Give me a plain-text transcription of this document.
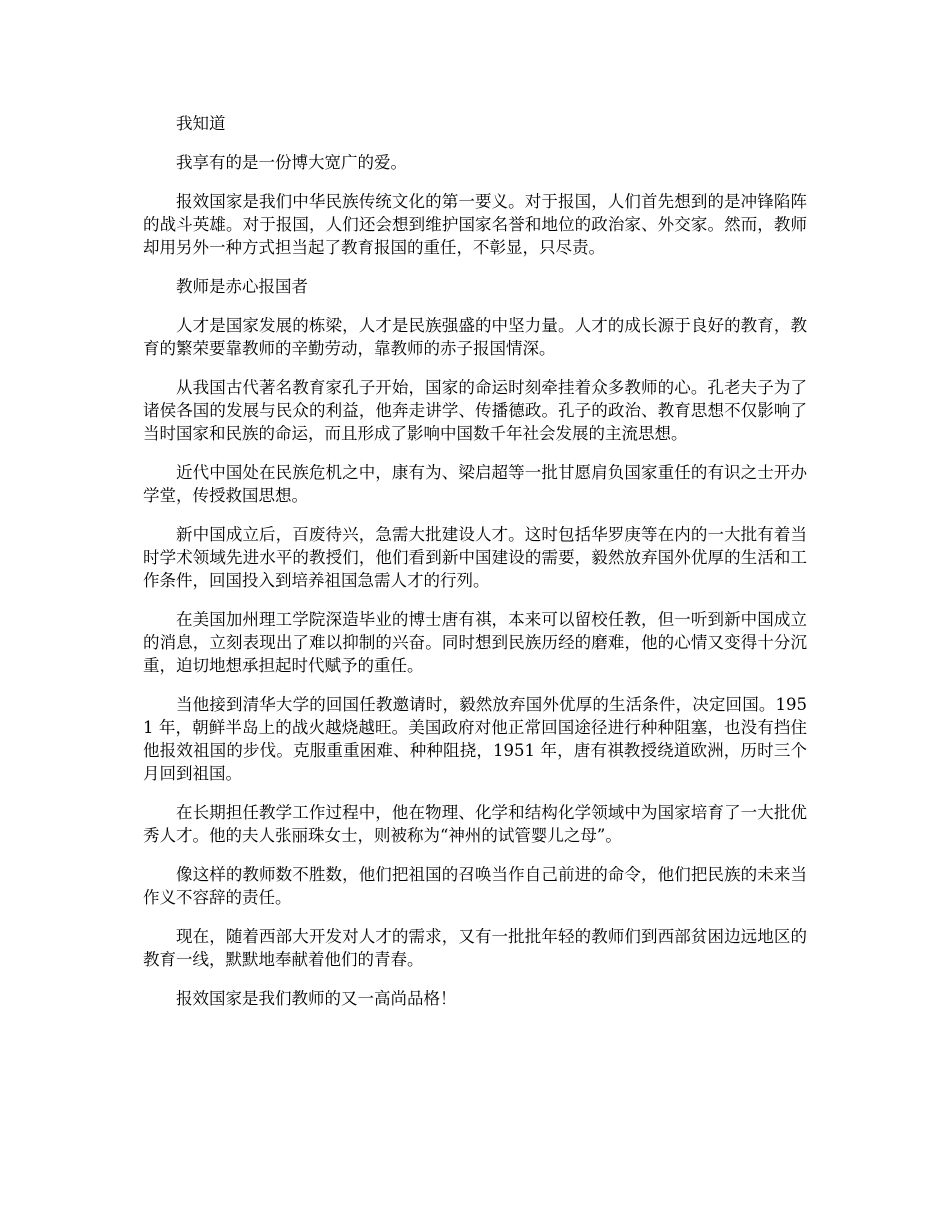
我知道

我享有的是一份博大宽广的爱。

报效国家是我们中华民族传统文化的第一要义。对于报国，人们首先想到的是冲锋陷阵的战斗英雄。对于报国，人们还会想到维护国家名誉和地位的政治家、外交家。然而，教师却用另外一种方式担当起了教育报国的重任，不彰显，只尽责。

教师是赤心报国者

人才是国家发展的栋梁，人才是民族强盛的中坚力量。人才的成长源于良好的教育，教育的繁荣要靠教师的辛勤劳动，靠教师的赤子报国情深。

从我国古代著名教育家孔子开始，国家的命运时刻牵挂着众多教师的心。孔老夫子为了诸侯各国的发展与民众的利益，他奔走讲学、传播德政。孔子的政治、教育思想不仅影响了当时国家和民族的命运，而且形成了影响中国数千年社会发展的主流思想。

近代中国处在民族危机之中，康有为、梁启超等一批甘愿肩负国家重任的有识之士开办学堂，传授救国思想。

新中国成立后，百废待兴，急需大批建设人才。这时包括华罗庚等在内的一大批有着当时学术领域先进水平的教授们，他们看到新中国建设的需要，毅然放弃国外优厚的生活和工作条件，回国投入到培养祖国急需人才的行列。

在美国加州理工学院深造毕业的博士唐有祺，本来可以留校任教，但一听到新中国成立的消息，立刻表现出了难以抑制的兴奋。同时想到民族历经的磨难，他的心情又变得十分沉重，迫切地想承担起时代赋予的重任。

当他接到清华大学的回国任教邀请时，毅然放弃国外优厚的生活条件，决定回国。1951 年，朝鲜半岛上的战火越烧越旺。美国政府对他正常回国途径进行种种阻塞，也没有挡住他报效祖国的步伐。克服重重困难、种种阻挠，1951 年，唐有祺教授绕道欧洲，历时三个月回到祖国。

在长期担任教学工作过程中，他在物理、化学和结构化学领域中为国家培育了一大批优秀人才。他的夫人张丽珠女士，则被称为“神州的试管婴儿之母”。

像这样的教师数不胜数，他们把祖国的召唤当作自己前进的命令，他们把民族的未来当作义不容辞的责任。

现在，随着西部大开发对人才的需求，又有一批批年轻的教师们到西部贫困边远地区的教育一线，默默地奉献着他们的青春。

报效国家是我们教师的又一高尚品格！
